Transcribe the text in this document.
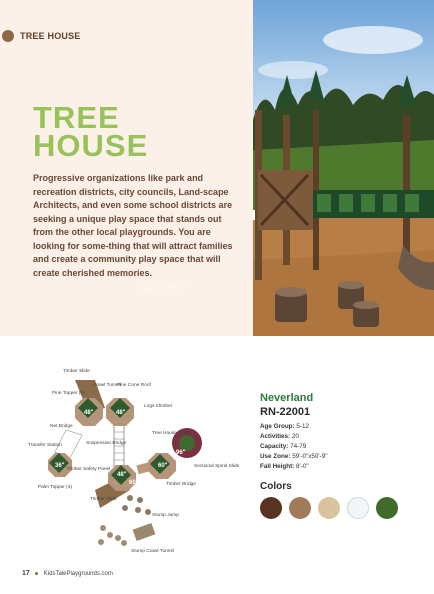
TREE HOUSE
TREE
HOUSE
Progressive organizations like park and recreation districts, city councils, Land-scape Architects, and even some school districts are seeking a unique play space that stands out from the other local playgrounds. You are looking for some-thing that will attract families and create a community play space that will create cherished memories.
Copyright
48"	48"
36"
48"
60"
60"
96"
Timber Slide
Crawl Tunnel
Pine Cone Roof
Pine Topper (5)
Logs Climber
Net Bridge
Tree House Tower
Suspension Bridge
Transfer Station
Sectional Spiral Slide
Timber Safety Panel
Timber Bridge
Palm Topper (4)
Timber Slide
Stump Jump
Stump Crawl Tunnel
Neverland
RN-22001
Age Group: 5-12
Activities: 20
Capacity: 74-79
Use Zone: 59'-0"x50'-9"
Fall Height: 8'-0"
Colors
17 KidsTalePlaygrounds.com
